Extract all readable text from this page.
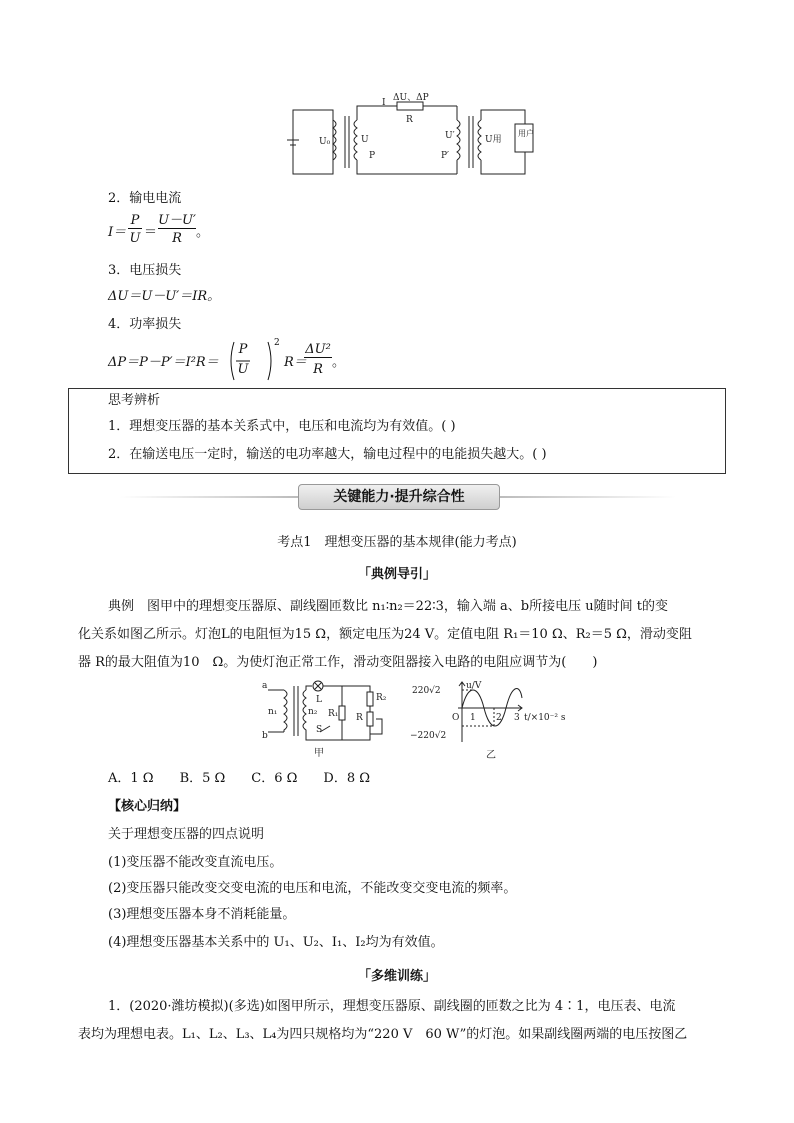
I ΔU、ΔP
R
U₀	U
P
U′
P′
U用
用户
2．输电电流
I＝
P
U ＝
U－U′
R	。
3．电压损失
ΔU＝U－U′＝IR。
4．功率损失
ΔP＝P－P′＝I²R＝
P
U
2
R＝
ΔU²
R 。
思考辨析
1．理想变压器的基本关系式中，电压和电流均为有效值。( )
2．在输送电压一定时，输送的电功率越大，输电过程中的电能损失越大。( )
关键能力·提升综合性
考点1　理想变压器的基本规律(能力考点)
「典例导引」
典例　图甲中的理想变压器原、副线圈匝数比 n₁∶n₂＝22∶3，输入端 a、b所接电压 u随时间 t的变
化关系如图乙所示。灯泡L的电阻恒为15 Ω，额定电压为24 V。定值电阻 R₁＝10 Ω、R₂＝5 Ω，滑动变阻
器 R的最大阻值为10　Ω。为使灯泡正常工作，滑动变阻器接入电路的电阻应调节为(　　)
a
b
n₁	n₂
L
S
R₁
R₂
R
甲
220√2
−220√2
u/V
O 1 2 3 t/×10⁻² s
乙
A．1 Ω　　B．5 Ω　　C．6 Ω　　D．8 Ω
【核心归纳】
关于理想变压器的四点说明
(1)变压器不能改变直流电压。
(2)变压器只能改变交变电流的电压和电流，不能改变交变电流的频率。
(3)理想变压器本身不消耗能量。
(4)理想变压器基本关系中的 U₁、U₂、I₁、I₂均为有效值。
「多维训练」
1．(2020·潍坊模拟)(多选)如图甲所示，理想变压器原、副线圈的匝数之比为 4∶1，电压表、电流
表均为理想电表。L₁、L₂、L₃、L₄为四只规格均为“220 V　60 W”的灯泡。如果副线圈两端的电压按图乙
